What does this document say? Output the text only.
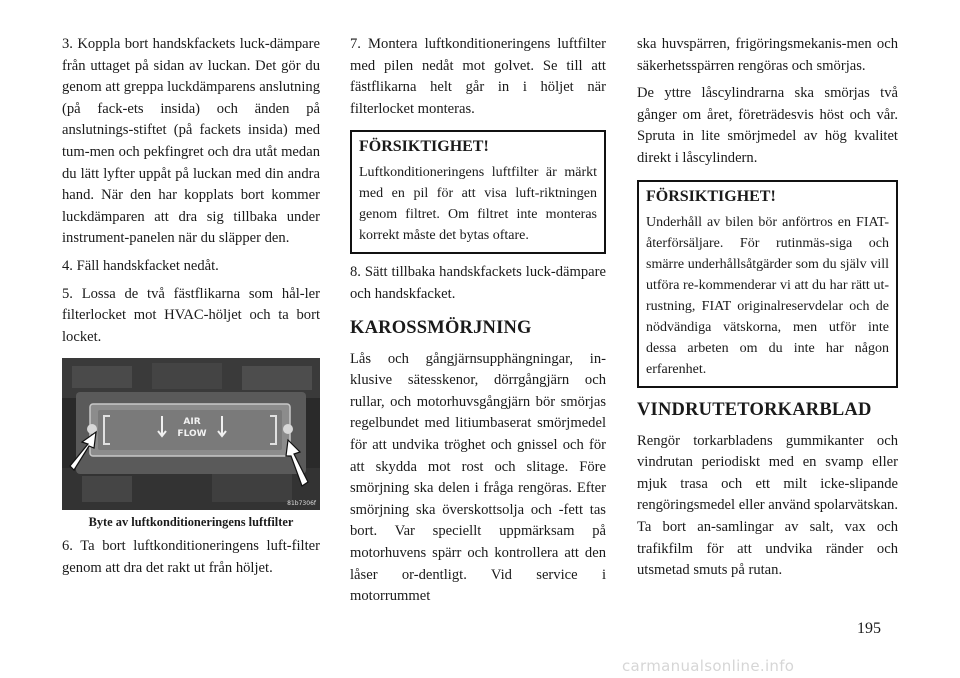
3. Koppla bort handskfackets luck-dämpare från uttaget på sidan av luckan. Det gör du genom att greppa luckdämparens anslutning (på fack-ets insida) och änden på anslutnings-stiftet (på fackets insida) med tum-men och pekfingret och dra utåt medan du lätt lyfter uppåt på luckan med din andra hand. När den har kopplats bort kommer luckdämparen att dra sig tillbaka under instrument-panelen när du släpper den.

4. Fäll handskfacket nedåt.

5. Lossa de två fästflikarna som hål-ler filterlocket mot HVAC-höljet och ta bort locket.

AIR
FLOW
81b7306f
Byte av luftkonditioneringens luftfilter

6. Ta bort luftkonditioneringens luft-filter genom att dra det rakt ut från höljet.

7. Montera luftkonditioneringens luftfilter med pilen nedåt mot golvet. Se till att fästflikarna helt går in i höljet när filterlocket monteras.

FÖRSIKTIGHET!

Luftkonditioneringens luftfilter är märkt med en pil för att visa luft-riktningen genom filtret. Om filtret inte monteras korrekt måste det bytas oftare.

8. Sätt tillbaka handskfackets luck-dämpare och handskfacket.

KAROSSMÖRJNING

Lås och gångjärnsupphängningar, in-klusive sätesskenor, dörrgångjärn och rullar, och motorhuvsgångjärn bör smörjas regelbundet med litiumbaserat smörjmedel för att undvika tröghet och gnissel och för att skydda mot rost och slitage. Före smörjning ska delen i fråga rengöras. Efter smörjning ska överskottsolja och -fett tas bort. Var speciellt uppmärksam på motorhuvens spärr och kontrollera att den låser or-dentligt. Vid service i motorrummet

ska huvspärren, frigöringsmekanis-men och säkerhetsspärren rengöras och smörjas.

De yttre låscylindrarna ska smörjas två gånger om året, företrädesvis höst och vår. Spruta in lite smörjmedel av hög kvalitet direkt i låscylindern.

FÖRSIKTIGHET!

Underhåll av bilen bör anförtros en FIAT-återförsäljare. För rutinmäs-siga och smärre underhållsåtgärder som du själv vill utföra re-kommenderar vi att du har rätt ut-rustning, FIAT originalreservdelar och de nödvändiga vätskorna, men utför inte dessa arbeten om du inte har någon erfarenhet.

VINDRUTETORKARBLAD

Rengör torkarbladens gummikanter och vindrutan periodiskt med en svamp eller mjuk trasa och ett milt icke-slipande rengöringsmedel eller använd spolarvätskan. Ta bort an-samlingar av salt, vax och trafikfilm för att undvika ränder och utsmetad smuts på rutan.

195
carmanualsonline.info
